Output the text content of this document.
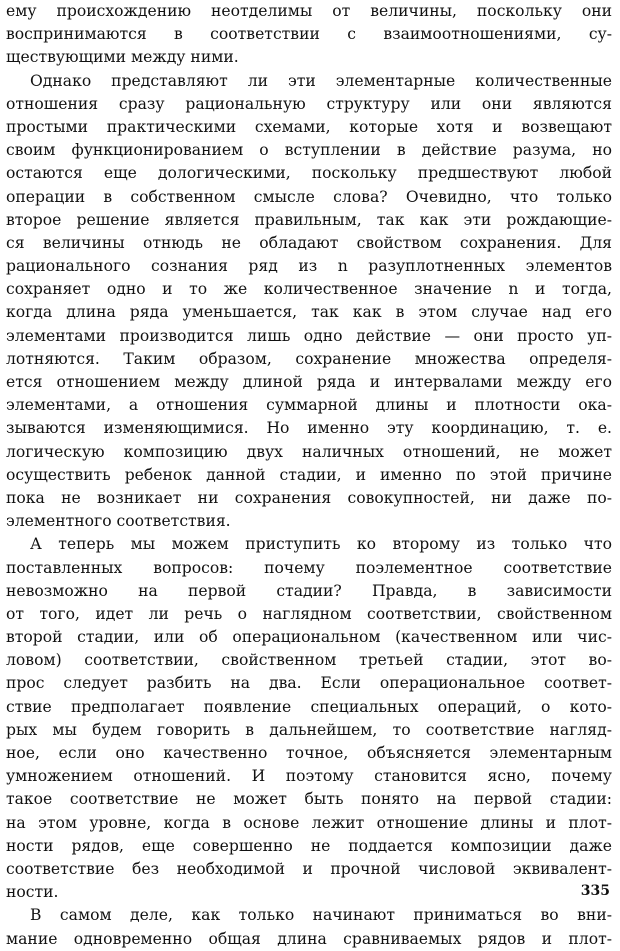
ему происхождению неотделимы от величины, поскольку они
воспринимаются в соответствии с взаимоотношениями, су-
ществующими между ними.
Однако представляют ли эти элементарные количественные
отношения сразу рациональную структуру или они являются
простыми практическими схемами, которые хотя и возвещают
своим функционированием о вступлении в действие разума, но
остаются еще дологическими, поскольку предшествуют любой
операции в собственном смысле слова? Очевидно, что только
второе решение является правильным, так как эти рождающие-
ся величины отнюдь не обладают свойством сохранения. Для
рационального сознания ряд из n разуплотненных элементов
сохраняет одно и то же количественное значение n и тогда,
когда длина ряда уменьшается, так как в этом случае над его
элементами производится лишь одно действие — они просто уп-
лотняются. Таким образом, сохранение множества определя-
ется отношением между длиной ряда и интервалами между его
элементами, а отношения суммарной длины и плотности ока-
зываются изменяющимися. Но именно эту координацию, т. е.
логическую композицию двух наличных отношений, не может
осуществить ребенок данной стадии, и именно по этой причине
пока не возникает ни сохранения совокупностей, ни даже по-
элементного соответствия.
А теперь мы можем приступить ко второму из только что
поставленных вопросов: почему поэлементное соответствие
невозможно на первой стадии? Правда, в зависимости
от того, идет ли речь о наглядном соответствии, свойственном
второй стадии, или об операциональном (качественном или чис-
ловом) соответствии, свойственном третьей стадии, этот во-
прос следует разбить на два. Если операциональное соответ-
ствие предполагает появление специальных операций, о кото-
рых мы будем говорить в дальнейшем, то соответствие нагляд-
ное, если оно качественно точное, объясняется элементарным
умножением отношений. И поэтому становится ясно, почему
такое соответствие не может быть понято на первой стадии:
на этом уровне, когда в основе лежит отношение длины и плот-
ности рядов, еще совершенно не поддается композиции даже
соответствие без необходимой и прочной числовой эквивалент-
ности.
В самом деле, как только начинают приниматься во вни-
мание одновременно общая длина сравниваемых рядов и плот-
335
